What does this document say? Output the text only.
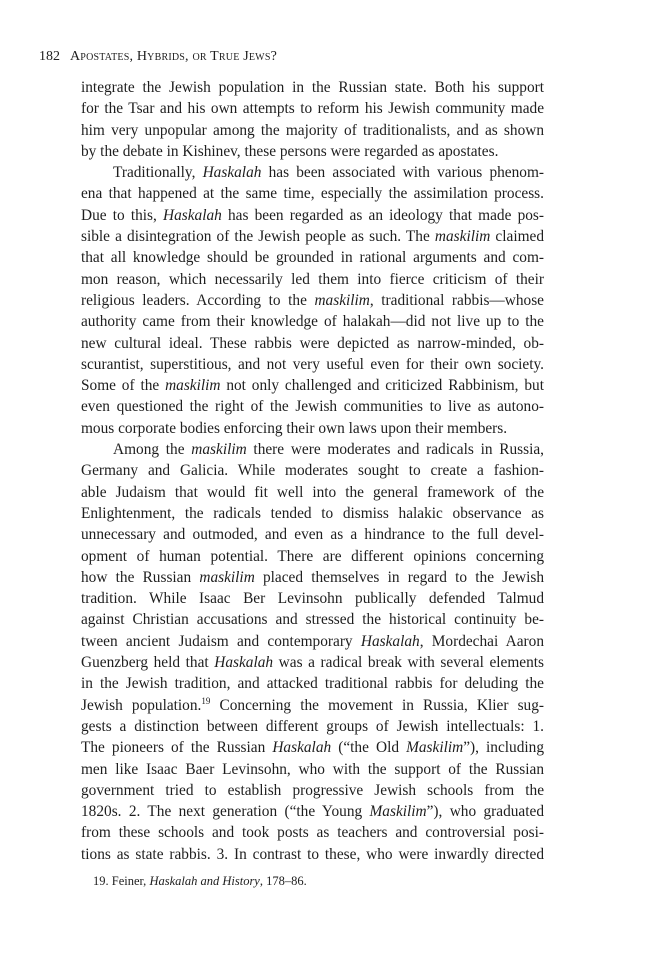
182 Apostates, Hybrids, or True Jews?
integrate the Jewish population in the Russian state. Both his support
for the Tsar and his own attempts to reform his Jewish community made
him very unpopular among the majority of traditionalists, and as shown
by the debate in Kishinev, these persons were regarded as apostates.
Traditionally, Haskalah has been associated with various phenom-
ena that happened at the same time, especially the assimilation process.
Due to this, Haskalah has been regarded as an ideology that made pos-
sible a disintegration of the Jewish people as such. The maskilim claimed
that all knowledge should be grounded in rational arguments and com-
mon reason, which necessarily led them into fierce criticism of their
religious leaders. According to the maskilim, traditional rabbis—whose
authority came from their knowledge of halakah—did not live up to the
new cultural ideal. These rabbis were depicted as narrow-minded, ob-
scurantist, superstitious, and not very useful even for their own society.
Some of the maskilim not only challenged and criticized Rabbinism, but
even questioned the right of the Jewish communities to live as autono-
mous corporate bodies enforcing their own laws upon their members.
Among the maskilim there were moderates and radicals in Russia,
Germany and Galicia. While moderates sought to create a fashion-
able Judaism that would fit well into the general framework of the
Enlightenment, the radicals tended to dismiss halakic observance as
unnecessary and outmoded, and even as a hindrance to the full devel-
opment of human potential. There are different opinions concerning
how the Russian maskilim placed themselves in regard to the Jewish
tradition. While Isaac Ber Levinsohn publically defended Talmud
against Christian accusations and stressed the historical continuity be-
tween ancient Judaism and contemporary Haskalah, Mordechai Aaron
Guenzberg held that Haskalah was a radical break with several elements
in the Jewish tradition, and attacked traditional rabbis for deluding the
Jewish population.$^{19}$ Concerning the movement in Russia, Klier sug-
gests a distinction between different groups of Jewish intellectuals: 1.
The pioneers of the Russian Haskalah (“the Old Maskilim”), including
men like Isaac Baer Levinsohn, who with the support of the Russian
government tried to establish progressive Jewish schools from the
1820s. 2. The next generation (“the Young Maskilim”), who graduated
from these schools and took posts as teachers and controversial posi-
tions as state rabbis. 3. In contrast to these, who were inwardly directed
19. Feiner, Haskalah and History, 178–86.
